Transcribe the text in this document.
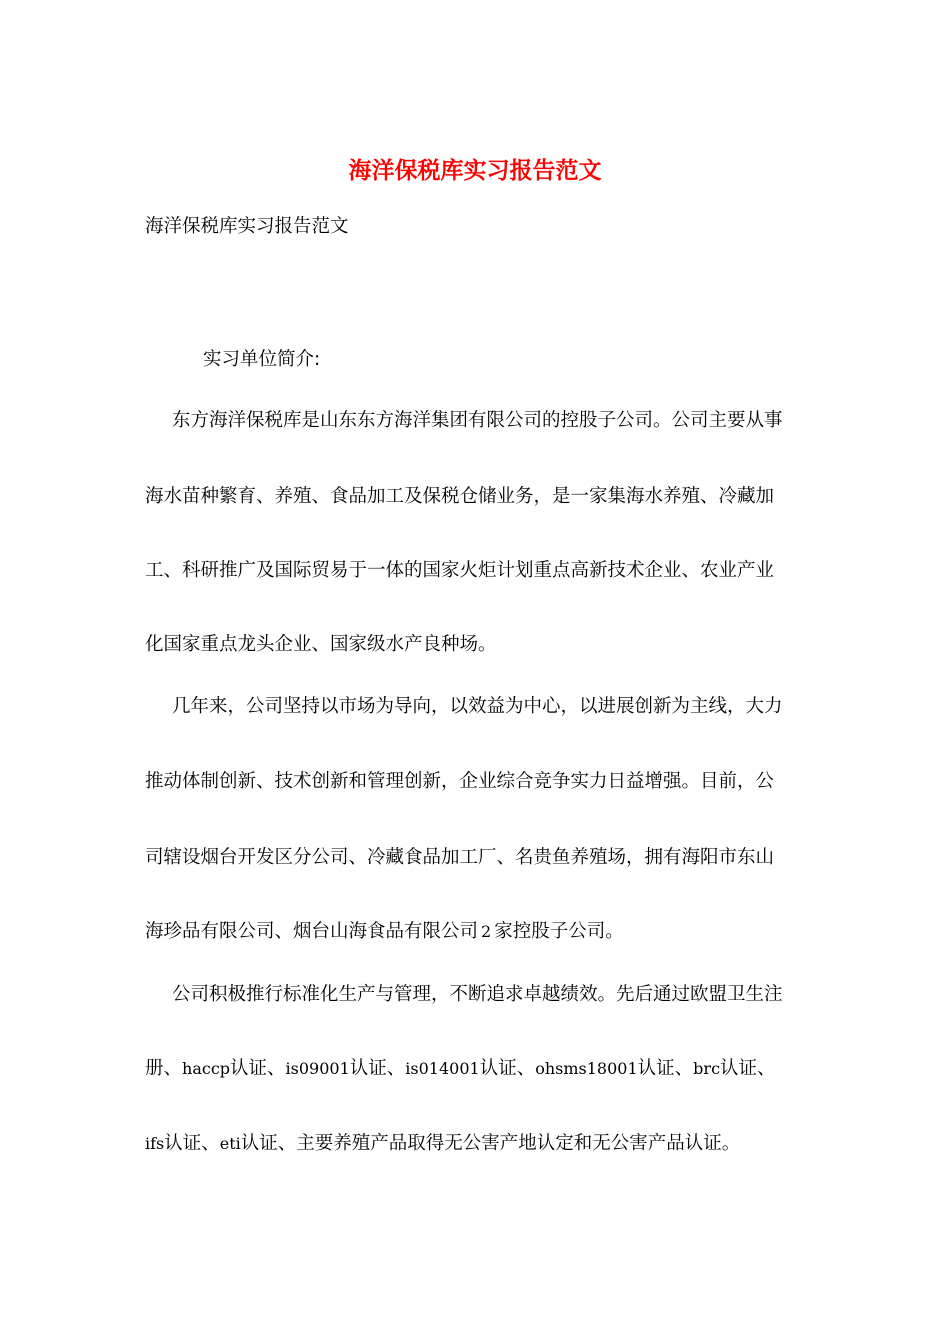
海洋保税库实习报告范文
海洋保税库实习报告范文
实习单位简介:
东方海洋保税库是山东东方海洋集团有限公司的控股子公司。公司主要从事
海水苗种繁育、养殖、食品加工及保税仓储业务，是一家集海水养殖、冷藏加
工、科研推广及国际贸易于一体的国家火炬计划重点高新技术企业、农业产业
化国家重点龙头企业、国家级水产良种场。
几年来，公司坚持以市场为导向，以效益为中心，以进展创新为主线，大力
推动体制创新、技术创新和管理创新，企业综合竞争实力日益增强。目前，公
司辖设烟台开发区分公司、冷藏食品加工厂、名贵鱼养殖场，拥有海阳市东山
海珍品有限公司、烟台山海食品有限公司 2 家控股子公司。
公司积极推行标准化生产与管理，不断追求卓越绩效。先后通过欧盟卫生注
册、haccp认证、is09001认证、is014001认证、ohsms18001认证、brc认证、
ifs认证、eti认证、主要养殖产品取得无公害产地认定和无公害产品认证。
